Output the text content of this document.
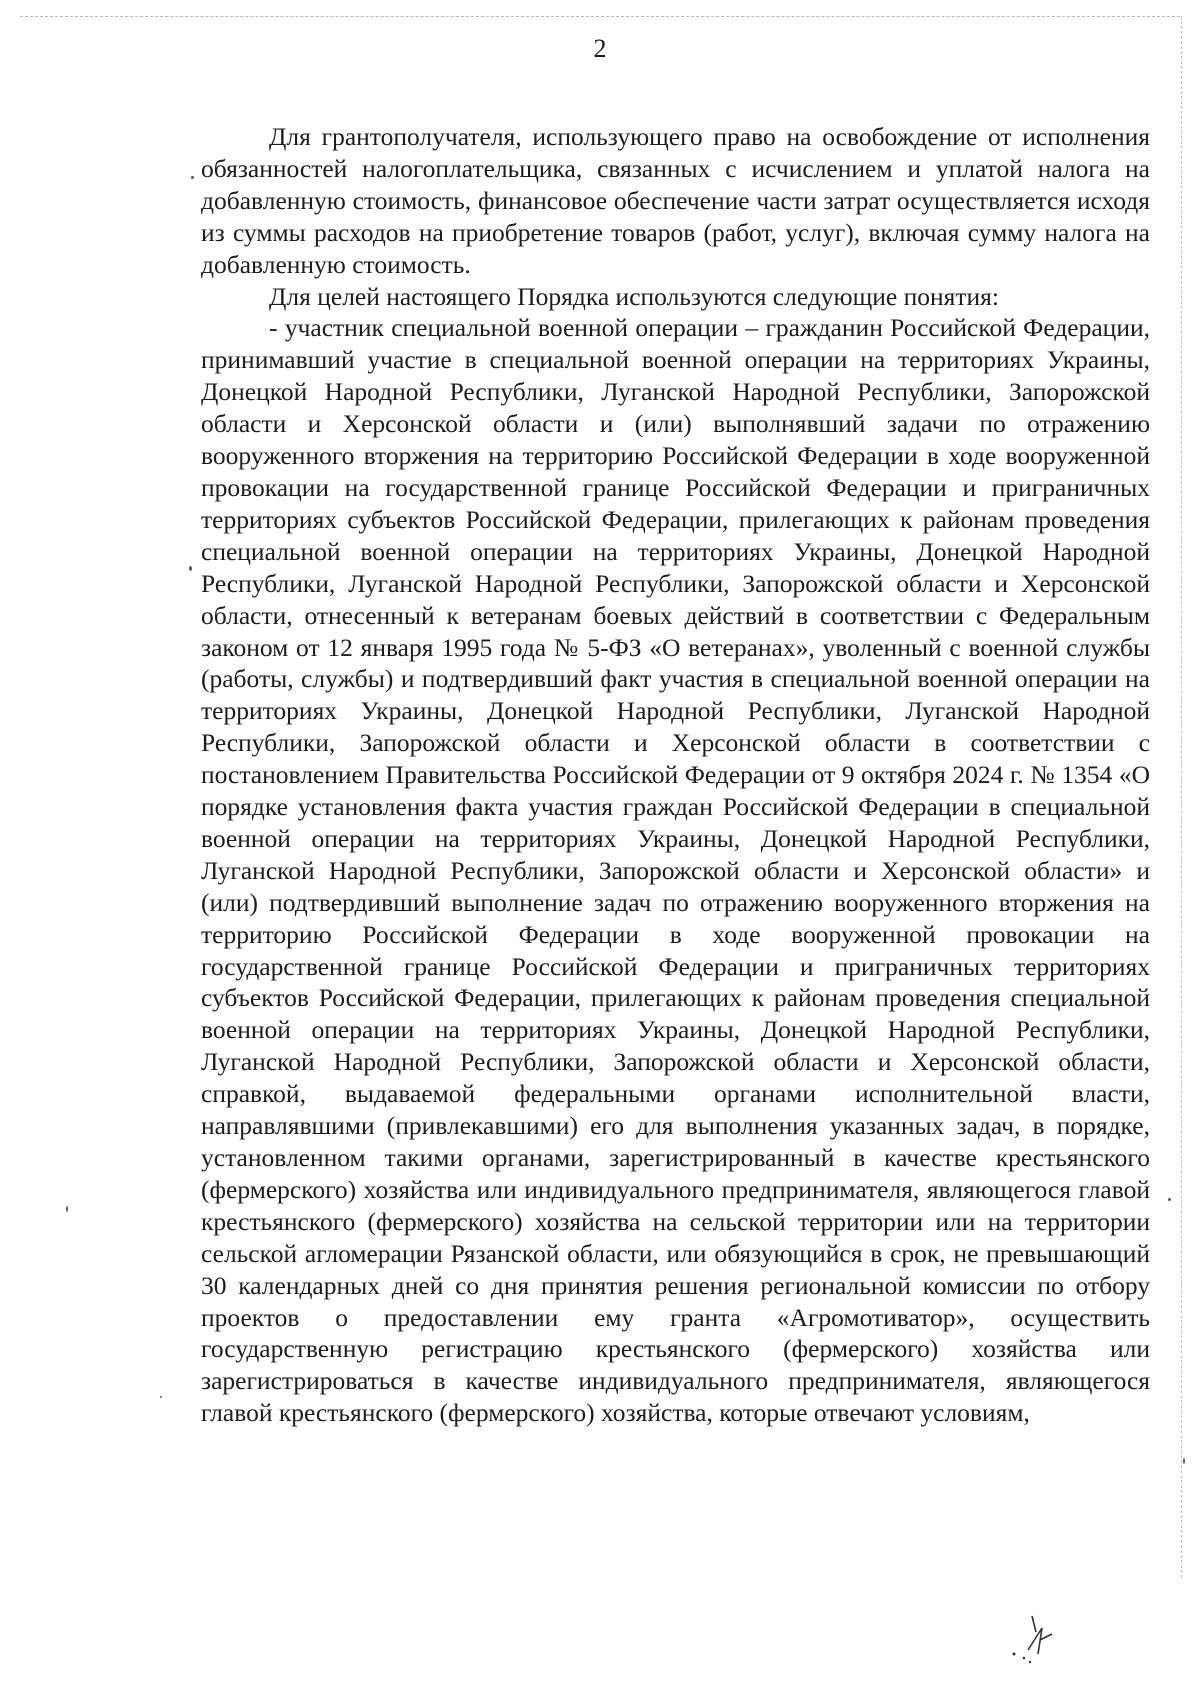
2

Для грантополучателя, использующего право на освобождение от исполнения обязанностей налогоплательщика, связанных с исчислением и уплатой налога на добавленную стоимость, финансовое обеспечение части затрат осуществляется исходя из суммы расходов на приобретение товаров (работ, услуг), включая сумму налога на добавленную стоимость.

Для целей настоящего Порядка используются следующие понятия:

- участник специальной военной операции – гражданин Российской Федерации, принимавший участие в специальной военной операции на территориях Украины, Донецкой Народной Республики, Луганской Народной Республики, Запорожской области и Херсонской области и (или) выполнявший задачи по отражению вооруженного вторжения на территорию Российской Федерации в ходе вооруженной провокации на государственной границе Российской Федерации и приграничных территориях субъектов Российской Федерации, прилегающих к районам проведения специальной военной операции на территориях Украины, Донецкой Народной Республики, Луганской Народной Республики, Запорожской области и Херсонской области, отнесенный к ветеранам боевых действий в соответствии с Федеральным законом от 12 января 1995 года № 5-ФЗ «О ветеранах», уволенный с военной службы (работы, службы) и подтвердивший факт участия в специальной военной операции на территориях Украины, Донецкой Народной Республики, Луганской Народной Республики, Запорожской области и Херсонской области в соответствии с постановлением Правительства Российской Федерации от 9 октября 2024 г. № 1354 «О порядке установления факта участия граждан Российской Федерации в специальной военной операции на территориях Украины, Донецкой Народной Республики, Луганской Народной Республики, Запорожской области и Херсонской области» и (или) подтвердивший выполнение задач по отражению вооруженного вторжения на территорию Российской Федерации в ходе вооруженной провокации на государственной границе Российской Федерации и приграничных территориях субъектов Российской Федерации, прилегающих к районам проведения специальной военной операции на территориях Украины, Донецкой Народной Республики, Луганской Народной Республики, Запорожской области и Херсонской области, справкой, выдаваемой федеральными органами исполнительной власти, направлявшими (привлекавшими) его для выполнения указанных задач, в порядке, установленном такими органами, зарегистрированный в качестве крестьянского (фермерского) хозяйства или индивидуального предпринимателя, являющегося главой крестьянского (фермерского) хозяйства на сельской территории или на территории сельской агломерации Рязанской области, или обязующийся в срок, не превышающий 30 календарных дней со дня принятия решения региональной комиссии по отбору проектов о предоставлении ему гранта «Агромотиватор», осуществить государственную регистрацию крестьянского (фермерского) хозяйства или зарегистрироваться в качестве индивидуального предпринимателя, являющегося главой крестьянского (фермерского) хозяйства, которые отвечают условиям,
